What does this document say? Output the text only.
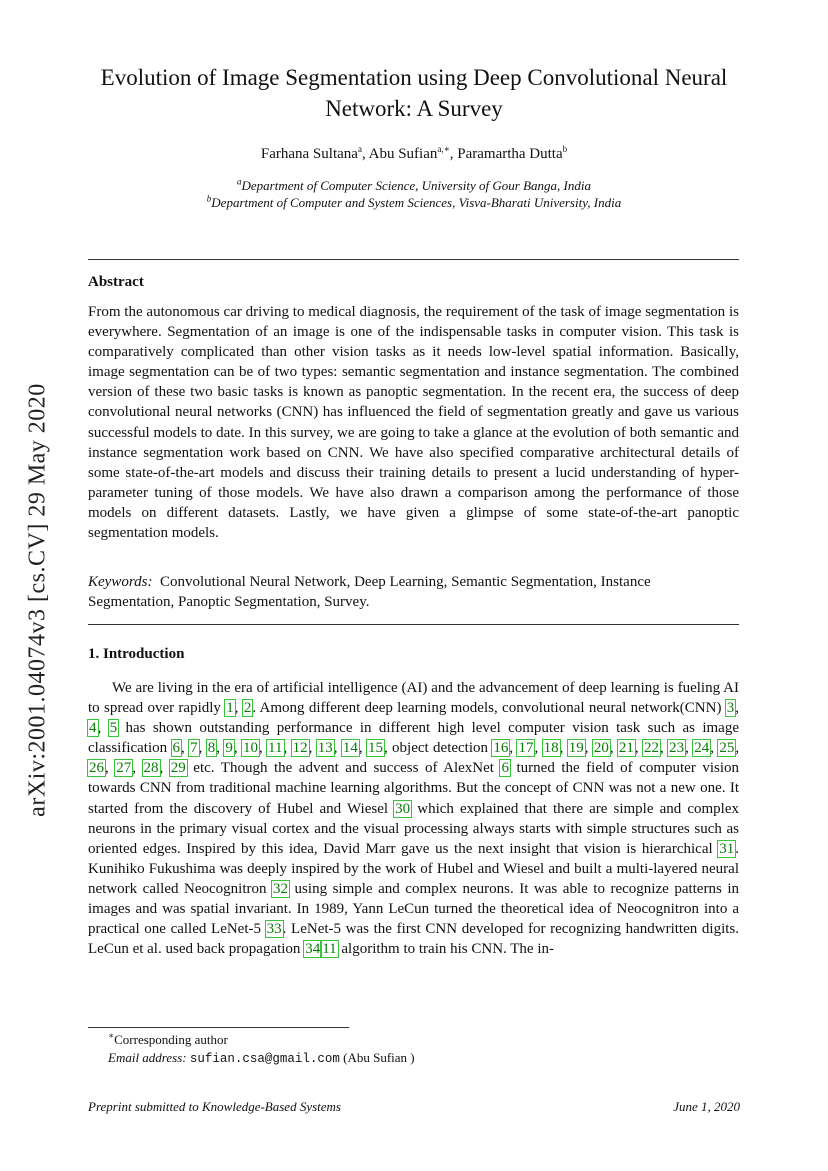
arXiv:2001.04074v3 [cs.CV] 29 May 2020
Evolution of Image Segmentation using Deep Convolutional Neural
Network: A Survey
Farhana Sultana$^a$, Abu Sufian$^{a,∗}$, Paramartha Dutta$^b$
$^a$Department of Computer Science, University of Gour Banga, India
$^b$Department of Computer and System Sciences, Visva-Bharati University, India
Abstract
From the autonomous car driving to medical diagnosis, the requirement of the task of image segmentation is everywhere. Segmentation of an image is one of the indispensable tasks in computer vision. This task is comparatively complicated than other vision tasks as it needs low-level spatial information. Basically, image segmentation can be of two types: semantic segmentation and instance segmentation. The combined version of these two basic tasks is known as panoptic segmentation. In the recent era, the success of deep convolutional neural networks (CNN) has influenced the field of segmentation greatly and gave us various successful models to date. In this survey, we are going to take a glance at the evolution of both semantic and instance segmentation work based on CNN. We have also specified comparative architectural details of some state-of-the-art models and discuss their training details to present a lucid understanding of hyper-parameter tuning of those models. We have also drawn a comparison among the performance of those models on different datasets. Lastly, we have given a glimpse of some state-of-the-art panoptic segmentation models.
Keywords: Convolutional Neural Network, Deep Learning, Semantic Segmentation, Instance Segmentation, Panoptic Segmentation, Survey.
1. Introduction
We are living in the era of artificial intelligence (AI) and the advancement of deep learning is fueling AI to spread over rapidly 1, 2. Among different deep learning models, convolutional neural network(CNN) 3, 4, 5 has shown outstanding performance in different high level computer vision task such as image classification 6, 7, 8, 9, 10, 11, 12, 13, 14, 15, object detection 16, 17, 18, 19, 20, 21, 22, 23, 24, 25, 26, 27, 28, 29 etc. Though the advent and success of AlexNet 6 turned the field of computer vision towards CNN from traditional machine learning algorithms. But the concept of CNN was not a new one. It started from the discovery of Hubel and Wiesel 30 which explained that there are simple and complex neurons in the primary visual cortex and the visual processing always starts with simple structures such as oriented edges. Inspired by this idea, David Marr gave us the next insight that vision is hierarchical 31. Kunihiko Fukushima was deeply inspired by the work of Hubel and Wiesel and built a multi-layered neural network called Neocognitron 32 using simple and complex neurons. It was able to recognize patterns in images and was spatial invariant. In 1989, Yann LeCun turned the theoretical idea of Neocognitron into a practical one called LeNet-5 33. LeNet-5 was the first CNN developed for recognizing handwritten digits. LeCun et al. used back propagation 34 11 algorithm to train his CNN. The in-
∗Corresponding author
Email address: sufian.csa@gmail.com (Abu Sufian )
Preprint submitted to Knowledge-Based Systems	June 1, 2020
